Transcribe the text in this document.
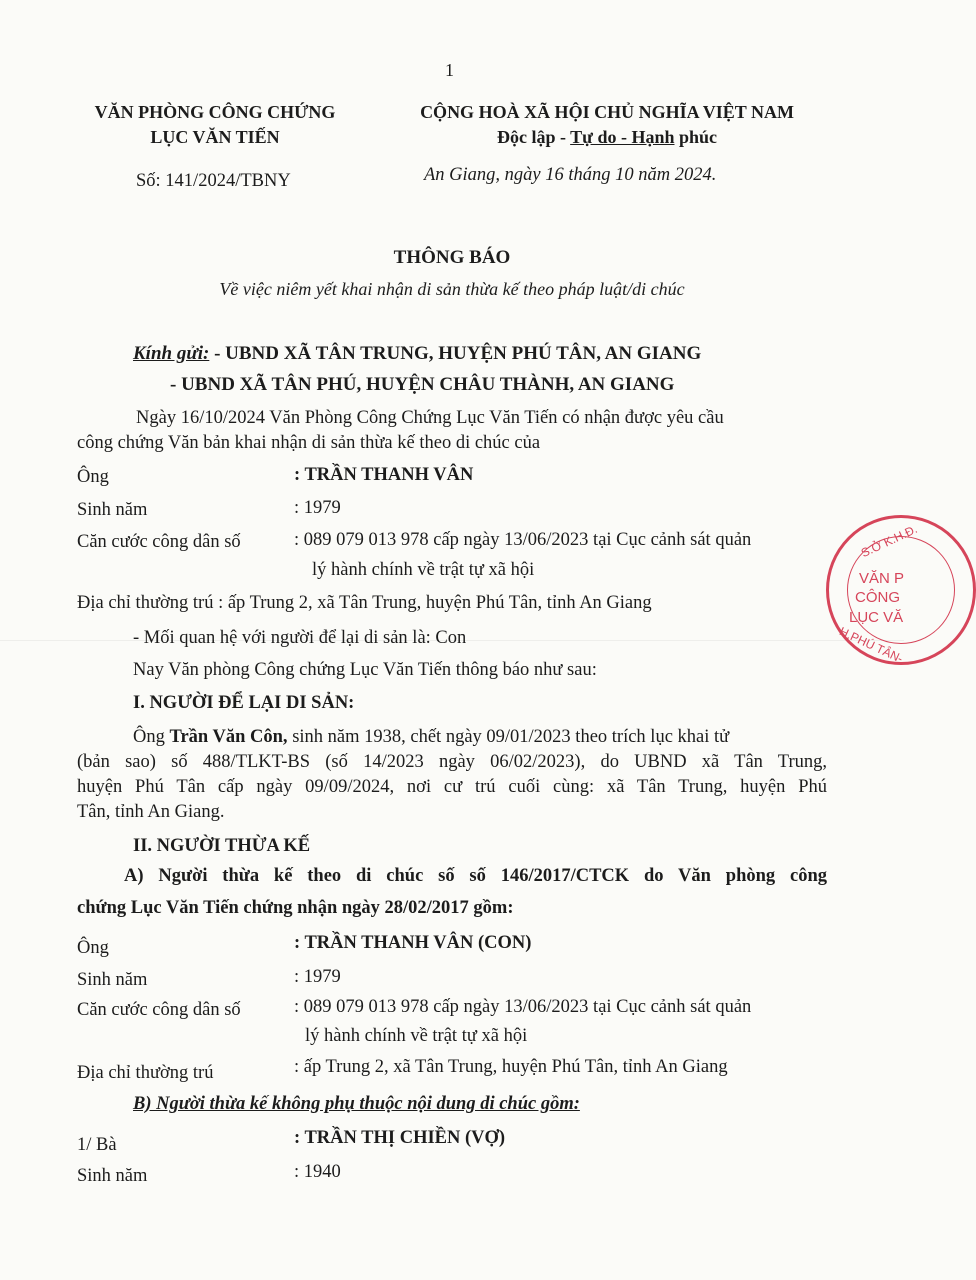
1
VĂN PHÒNG CÔNG CHỨNG
LỤC VĂN TIẾN
Số: 141/2024/TBNY
CỘNG HOÀ XÃ HỘI CHỦ NGHĨA VIỆT NAM
Độc lập - Tự do - Hạnh phúc
An Giang, ngày 16 tháng 10 năm 2024.
THÔNG BÁO
Về việc niêm yết khai nhận di sản thừa kế theo pháp luật/di chúc
Kính gửi: - UBND XÃ TÂN TRUNG, HUYỆN PHÚ TÂN, AN GIANG
- UBND XÃ TÂN PHÚ, HUYỆN CHÂU THÀNH, AN GIANG
Ngày 16/10/2024 Văn Phòng Công Chứng Lục Văn Tiến có nhận được yêu cầu
công chứng Văn bản khai nhận di sản thừa kế theo di chúc của
Ông	: TRẦN THANH VÂN
Sinh năm	: 1979
Căn cước công dân số	: 089 079 013 978 cấp ngày 13/06/2023 tại Cục cảnh sát quản
lý hành chính về trật tự xã hội
Địa chỉ thường trú : ấp Trung 2, xã Tân Trung, huyện Phú Tân, tỉnh An Giang
- Mối quan hệ với người để lại di sản là: Con
Nay Văn phòng Công chứng Lục Văn Tiến thông báo như sau:
I. NGƯỜI ĐỂ LẠI DI SẢN:
Ông Trần Văn Côn, sinh năm 1938, chết ngày 09/01/2023 theo trích lục khai tử
(bản sao) số 488/TLKT-BS (số 14/2023 ngày 06/02/2023), do UBND xã Tân Trung,
huyện Phú Tân cấp ngày 09/09/2024, nơi cư trú cuối cùng: xã Tân Trung, huyện Phú
Tân, tỉnh An Giang.
II. NGƯỜI THỪA KẾ
A) Người thừa kế theo di chúc số số 146/2017/CTCK do Văn phòng công
chứng Lục Văn Tiến chứng nhận ngày 28/02/2017 gồm:
Ông	: TRẦN THANH VÂN (CON)
Sinh năm	: 1979
Căn cước công dân số	: 089 079 013 978 cấp ngày 13/06/2023 tại Cục cảnh sát quản
lý hành chính về trật tự xã hội
Địa chỉ thường trú	: ấp Trung 2, xã Tân Trung, huyện Phú Tân, tỉnh An Giang
B) Người thừa kế không phụ thuộc nội dung di chúc gồm:
1/ Bà	: TRẦN THỊ CHIỀN (VỢ)
Sinh năm	: 1940
S.Ở K.H.Đ.
VĂN P
CÔNG
LỤC VĂ
H.PHÚ TÂN-
